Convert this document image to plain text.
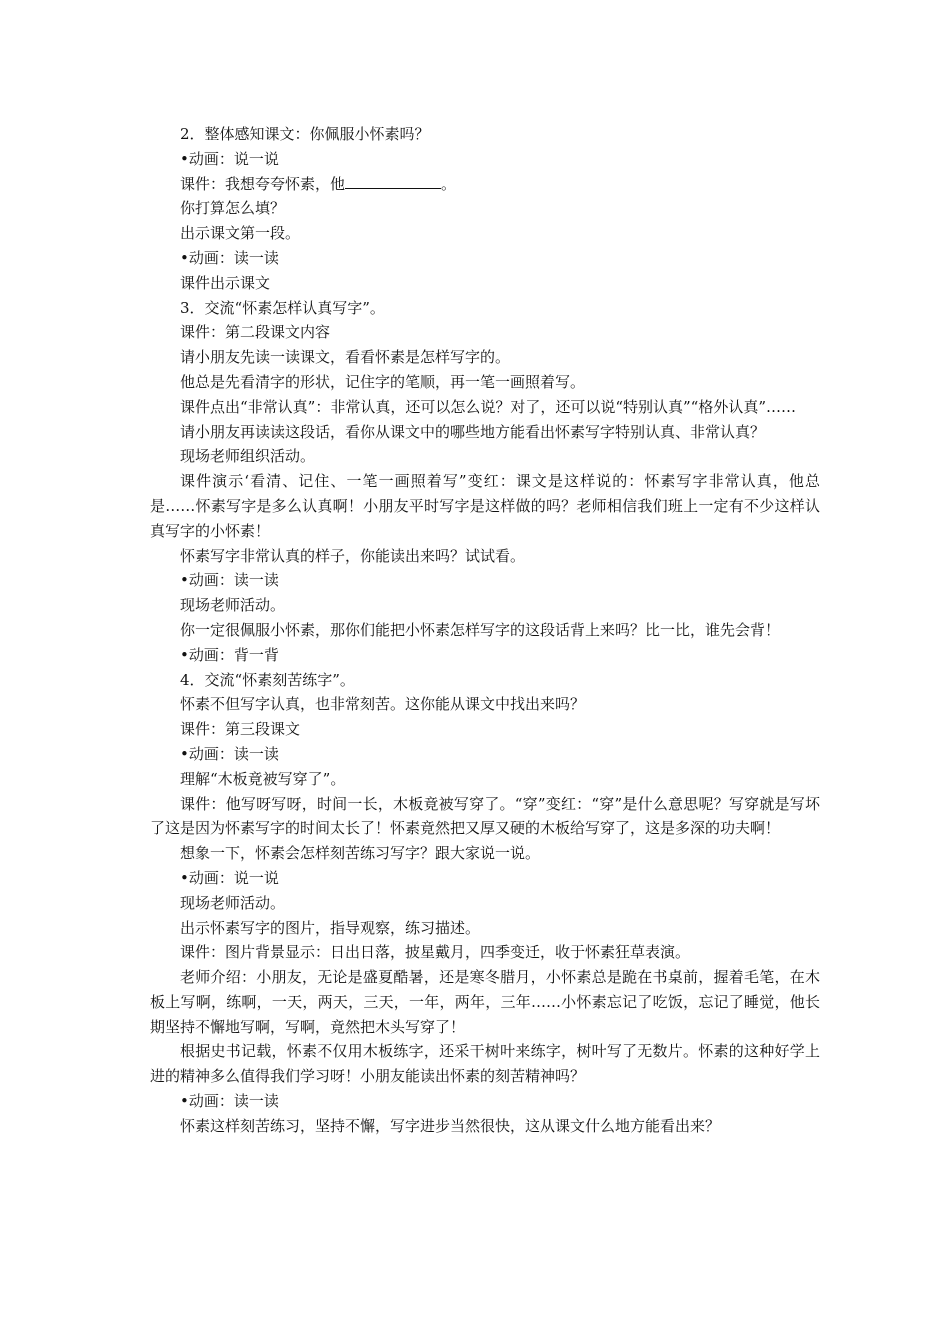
2．整体感知课文：你佩服小怀素吗？

•动画：说一说

课件：我想夸夸怀素，他	。

你打算怎么填？

出示课文第一段。

•动画：读一读

课件出示课文

3．交流“怀素怎样认真写字”。

课件：第二段课文内容

请小朋友先读一读课文，看看怀素是怎样写字的。

他总是先看清字的形状，记住字的笔顺，再一笔一画照着写。

课件点出“非常认真”：非常认真，还可以怎么说？对了，还可以说“特别认真”“格外认真”……

请小朋友再读读这段话，看你从课文中的哪些地方能看出怀素写字特别认真、非常认真？

现场老师组织活动。

课件演示‘看清、记住、一笔一画照着写”变红：课文是这样说的：怀素写字非常认真，他总是……怀素写字是多么认真啊！小朋友平时写字是这样做的吗？老师相信我们班上一定有不少这样认真写字的小怀素！

怀素写字非常认真的样子，你能读出来吗？试试看。

•动画：读一读

现场老师活动。

你一定很佩服小怀素，那你们能把小怀素怎样写字的这段话背上来吗？比一比，谁先会背！

•动画：背一背

4．交流“怀素刻苦练字”。

怀素不但写字认真，也非常刻苦。这你能从课文中找出来吗？

课件：第三段课文

•动画：读一读

理解“木板竟被写穿了”。

课件：他写呀写呀，时间一长，木板竟被写穿了。“穿”变红：“穿”是什么意思呢？写穿就是写坏了这是因为怀素写字的时间太长了！怀素竟然把又厚又硬的木板给写穿了，这是多深的功夫啊！

想象一下，怀素会怎样刻苦练习写字？跟大家说一说。

•动画：说一说

现场老师活动。

出示怀素写字的图片，指导观察，练习描述。

课件：图片背景显示：日出日落，披星戴月，四季变迁，收于怀素狂草表演。

老师介绍：小朋友，无论是盛夏酷暑，还是寒冬腊月，小怀素总是跪在书桌前，握着毛笔，在木板上写啊，练啊，一天，两天，三天，一年，两年，三年……小怀素忘记了吃饭，忘记了睡觉，他长期坚持不懈地写啊，写啊，竟然把木头写穿了！

根据史书记载，怀素不仅用木板练字，还采干树叶来练字，树叶写了无数片。怀素的这种好学上进的精神多么值得我们学习呀！小朋友能读出怀素的刻苦精神吗？

•动画：读一读

怀素这样刻苦练习，坚持不懈，写字进步当然很快，这从课文什么地方能看出来？
